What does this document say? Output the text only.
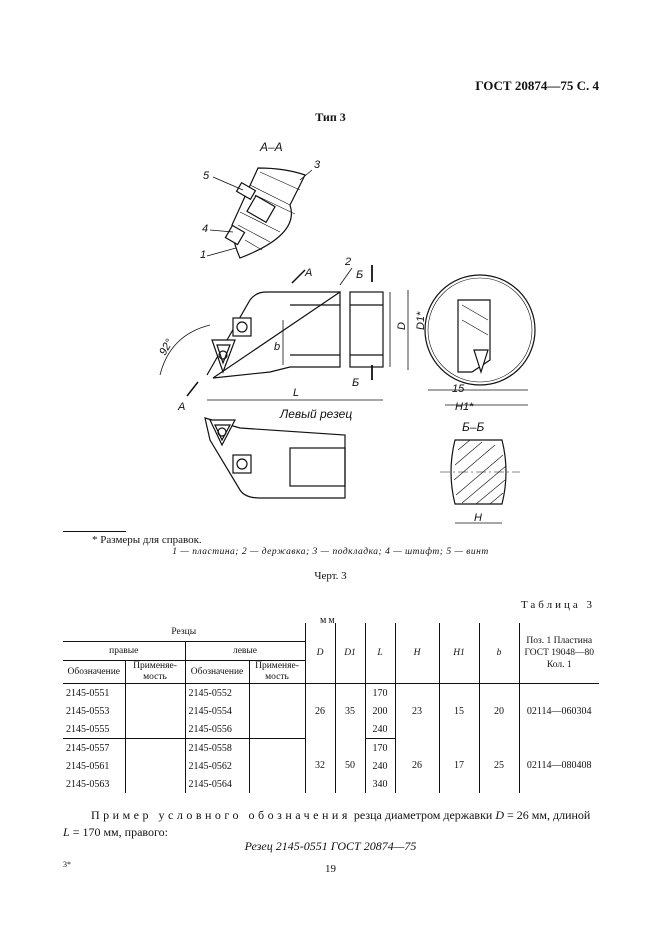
ГОСТ 20874—75 С. 4
Тип 3
А–А
5
4
1
3
А
2
Б
Б
А
92°	b
L
D D1*
15
H1*
Левый резец
Б–Б
H
* Размеры для справок.
1 — пластина; 2 — державка; 3 — подкладка; 4 — штифт; 5 — винт
Черт. 3
Таблица 3
мм
Резцы				D	D1	L	H	H1	b	Поз. 1 Пластина ГОСТ 19048—80 Кол. 1
правые		левые								
Обозначение	Применяе-мость	Обозначение	Применяе-мость							
2145-0551		2145-0552		26	35	170	23	15	20	02114—060304
2145-0553		2145-0554				200				
2145-0555		2145-0556				240				
2145-0557		2145-0558		32	50	170	26	17	25	02114—080408
2145-0561		2145-0562				240				
2145-0563		2145-0564				340				
Пример условного обозначения резца диаметром державки D = 26 мм, длиной L = 170 мм, правого:
Резец 2145-0551 ГОСТ 20874—75
3*	19
